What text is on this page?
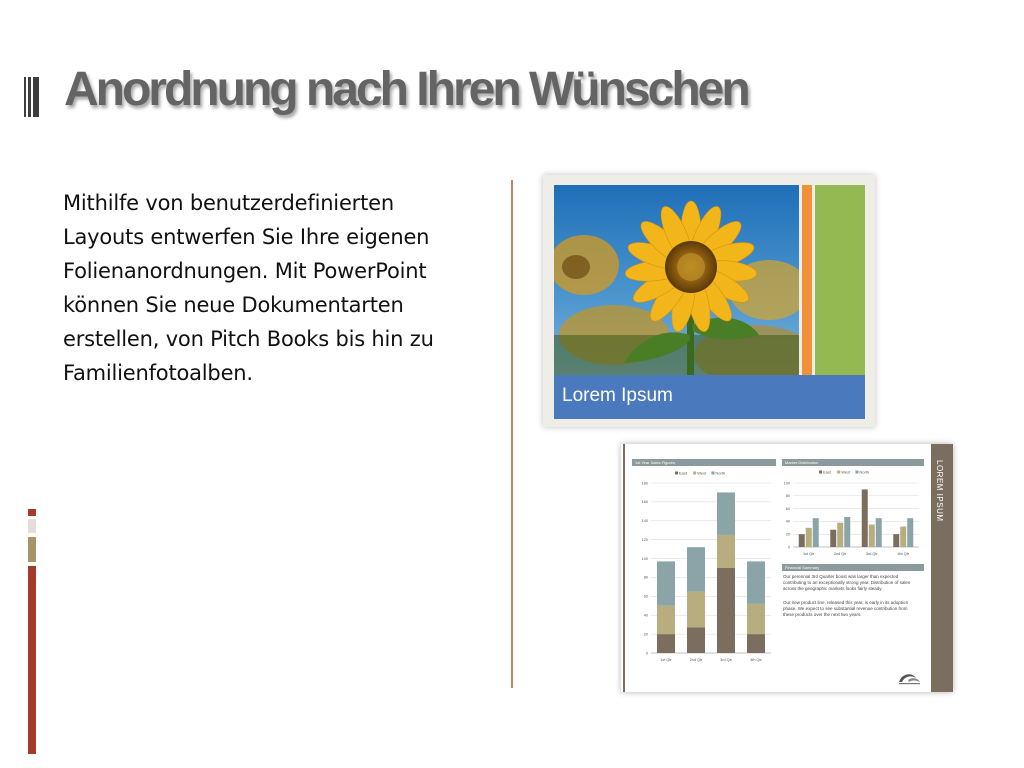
Anordnung nach Ihren Wünschen
Mithilfe von benutzerdefinierten
Layouts entwerfen Sie Ihre eigenen
Folienanordnungen. Mit PowerPoint
können Sie neue Dokumentarten
erstellen, von Pitch Books bis hin zu
Familienfotoalben.
Lorem Ipsum
LOREM IPSUM
1st Year Sales Figures
East	West North
0
20
40
60
80
100
120
140
160
180
1st Qtr	2nd Qtr	3rd Qtr	4th Qtr
Market Distribution
East	West North
0
20
40
60
80
100
1st Qtr	2nd Qtr	3rd Qtr	4th Qtr
Financial Summary
Our perennial 3rd Quarter boost was larger than expected contributing to an exceptionally strong year. Distribution of sales across the geographic markets looks fairly steady.
Our new product line, released this year, is early in its adoption phase. We expect to see substantial revenue contribution from these products over the next two years.
